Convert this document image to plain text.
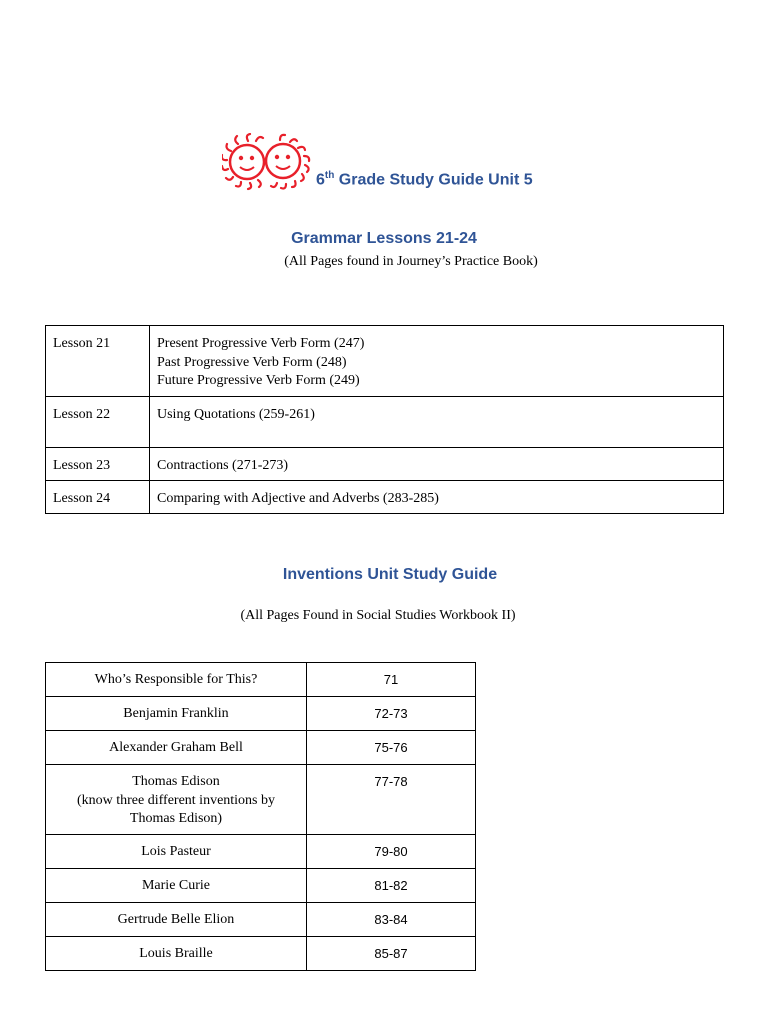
6th Grade Study Guide Unit 5
Grammar Lessons 21-24
(All Pages found in Journey’s Practice Book)
Lesson 21	Present Progressive Verb Form (247)
Past Progressive Verb Form (248)
Future Progressive Verb Form (249)

Lesson 22	Using Quotations (259-261)

Lesson 23	Contractions (271-273)

Lesson 24	Comparing with Adjective and Adverbs (283-285)
Inventions Unit Study Guide
(All Pages Found in Social Studies Workbook II)
Who’s Responsible for This?	71

Benjamin Franklin	72-73

Alexander Graham Bell	75-76

Thomas Edison
(know three different inventions by
Thomas Edison)	77-78

Lois Pasteur	79-80

Marie Curie	81-82

Gertrude Belle Elion	83-84

Louis Braille	85-87
